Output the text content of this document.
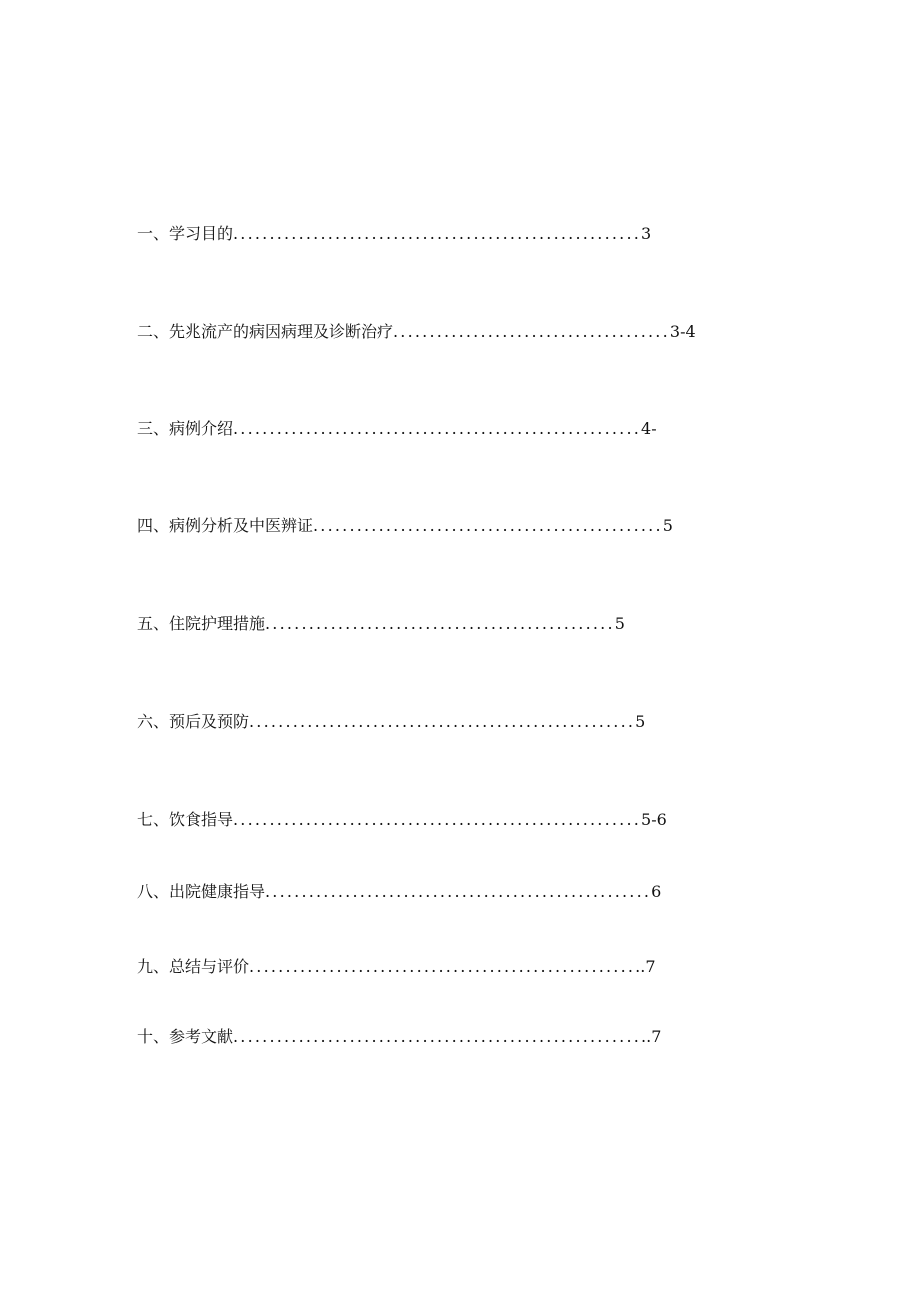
一、学习目的........................................................3
二、先兆流产的病因病理及诊断治疗......................................3-4
三、病例介绍........................................................4-
四、病例分析及中医辨证................................................5
五、住院护理措施................................................5
六、预后及预防.....................................................5
七、饮食指导........................................................5-6
八、出院健康指导.....................................................6
九、总结与评价.......................................................7
十、参考文献..........................................................7
